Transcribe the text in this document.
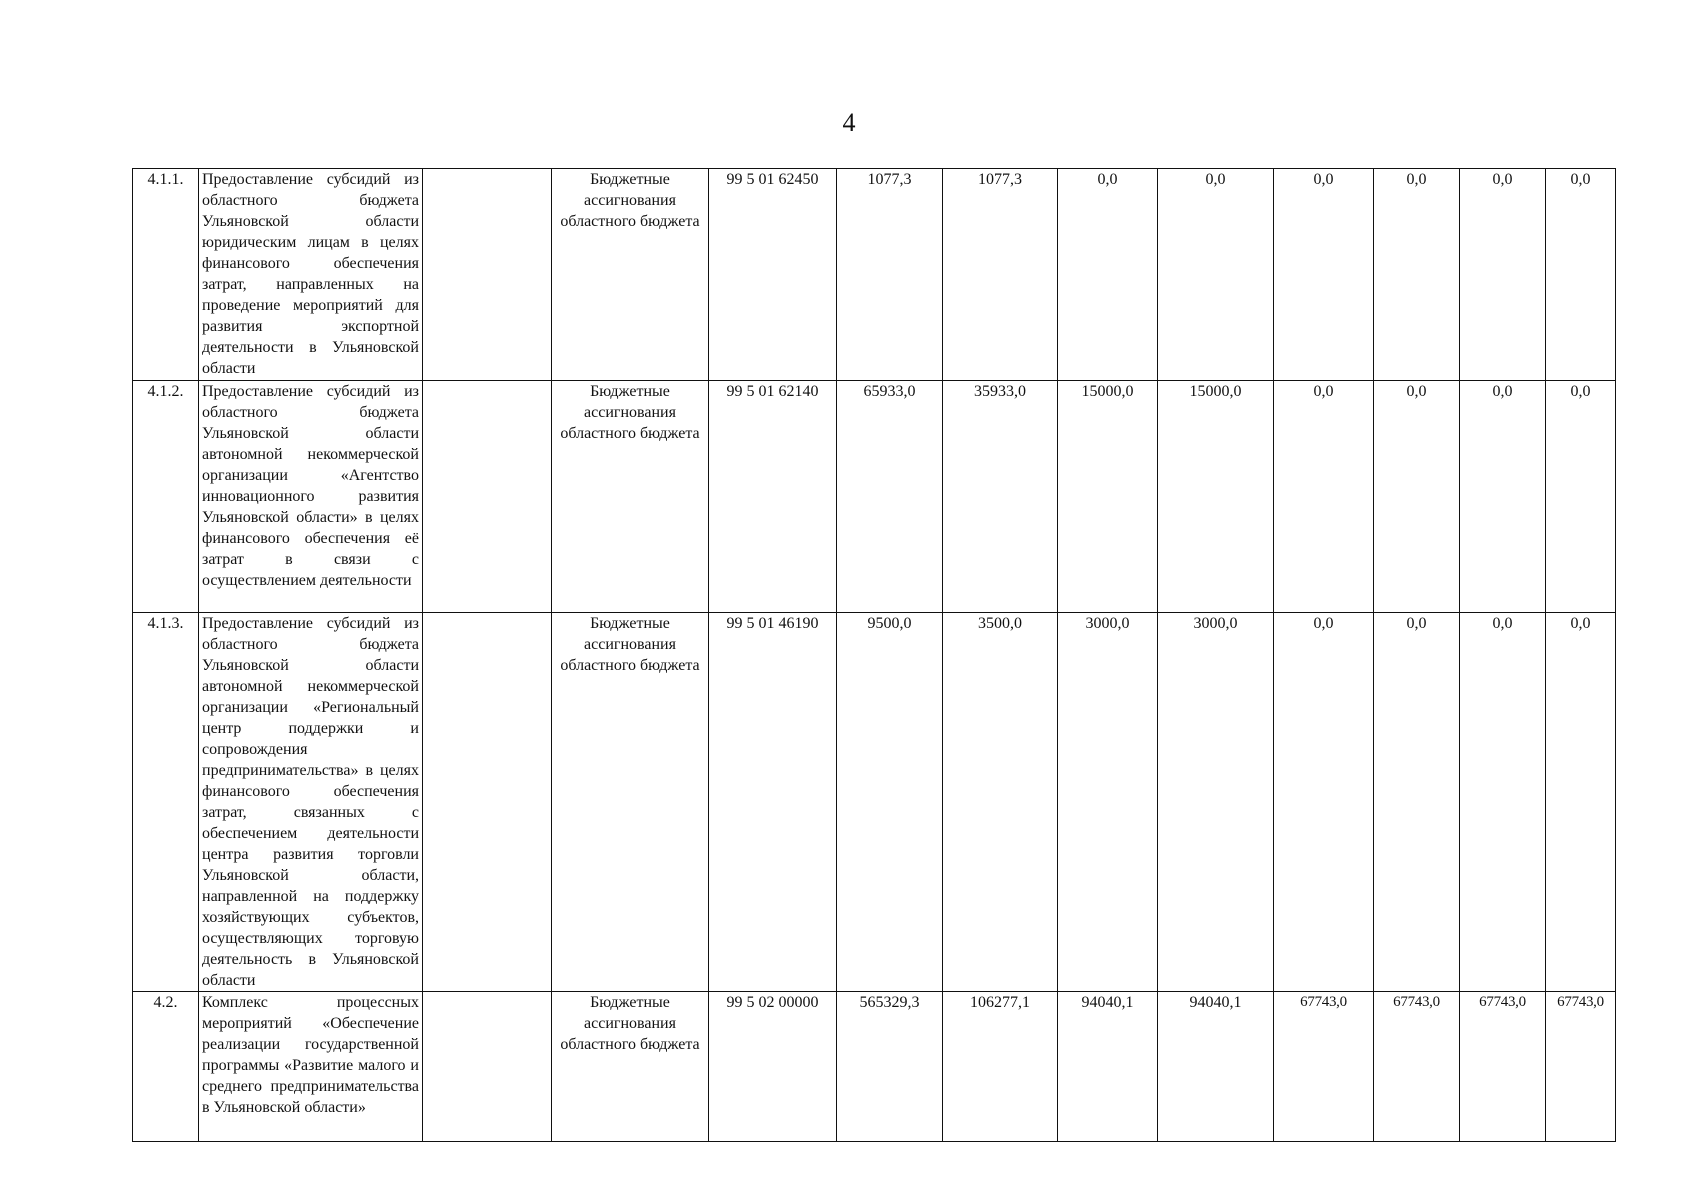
4
4.1.1.	Предоставление субсидий из областного бюджета Ульяновской области юридическим лицам в целях финансового обеспечения затрат, направленных на проведение мероприятий для развития экспортной деятельности в Ульяновской области		Бюджетные ассигнования областного бюджета	99 5 01 62450	1077,3	1077,3	0,0	0,0	0,0	0,0	0,0	0,0
4.1.2.	Предоставление субсидий из областного бюджета Ульяновской области автономной некоммерческой организации «Агентство инновационного развития Ульяновской области» в целях финансового обеспечения её затрат в связи с осуществлением деятельности		Бюджетные ассигнования областного бюджета	99 5 01 62140	65933,0	35933,0	15000,0	15000,0	0,0	0,0	0,0	0,0
4.1.3.	Предоставление субсидий из областного бюджета Ульяновской области автономной некоммерческой организации «Региональный центр поддержки и сопровождения предпринимательства» в целях финансового обеспечения затрат, связанных с обеспечением деятельности центра развития торговли Ульяновской области, направленной на поддержку хозяйствующих субъектов, осуществляющих торговую деятельность в Ульяновской области		Бюджетные ассигнования областного бюджета	99 5 01 46190	9500,0	3500,0	3000,0	3000,0	0,0	0,0	0,0	0,0
4.2.	Комплекс процессных мероприятий «Обеспечение реализации государственной программы «Развитие малого и среднего предпринимательства в Ульяновской области»		Бюджетные ассигнования областного бюджета	99 5 02 00000	565329,3	106277,1	94040,1	94040,1	67743,0	67743,0	67743,0	67743,0
